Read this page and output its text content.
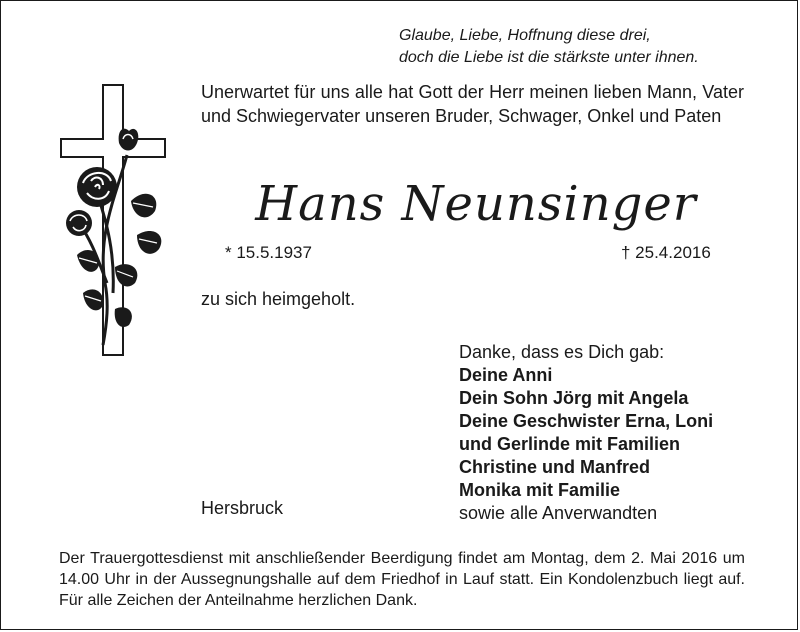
Glaube, Liebe, Hoffnung diese drei,
doch die Liebe ist die stärkste unter ihnen.
Unerwartet für uns alle hat Gott der Herr meinen lieben Mann, Vater und Schwiegervater unseren Bruder, Schwager, Onkel und Paten
Hans Neunsinger
* 15.5.1937	† 25.4.2016
zu sich heimgeholt.
Danke, dass es Dich gab:
Deine Anni
Dein Sohn Jörg mit Angela
Deine Geschwister Erna, Loni
und Gerlinde mit Familien
Christine und Manfred
Monika mit Familie
sowie alle Anverwandten
Hersbruck
Der Trauergottesdienst mit anschließender Beerdigung findet am Montag, dem 2. Mai 2016 um 14.00 Uhr in der Aussegnungshalle auf dem Friedhof in Lauf statt. Ein Kondolenzbuch liegt auf. Für alle Zeichen der Anteilnahme herzlichen Dank.
